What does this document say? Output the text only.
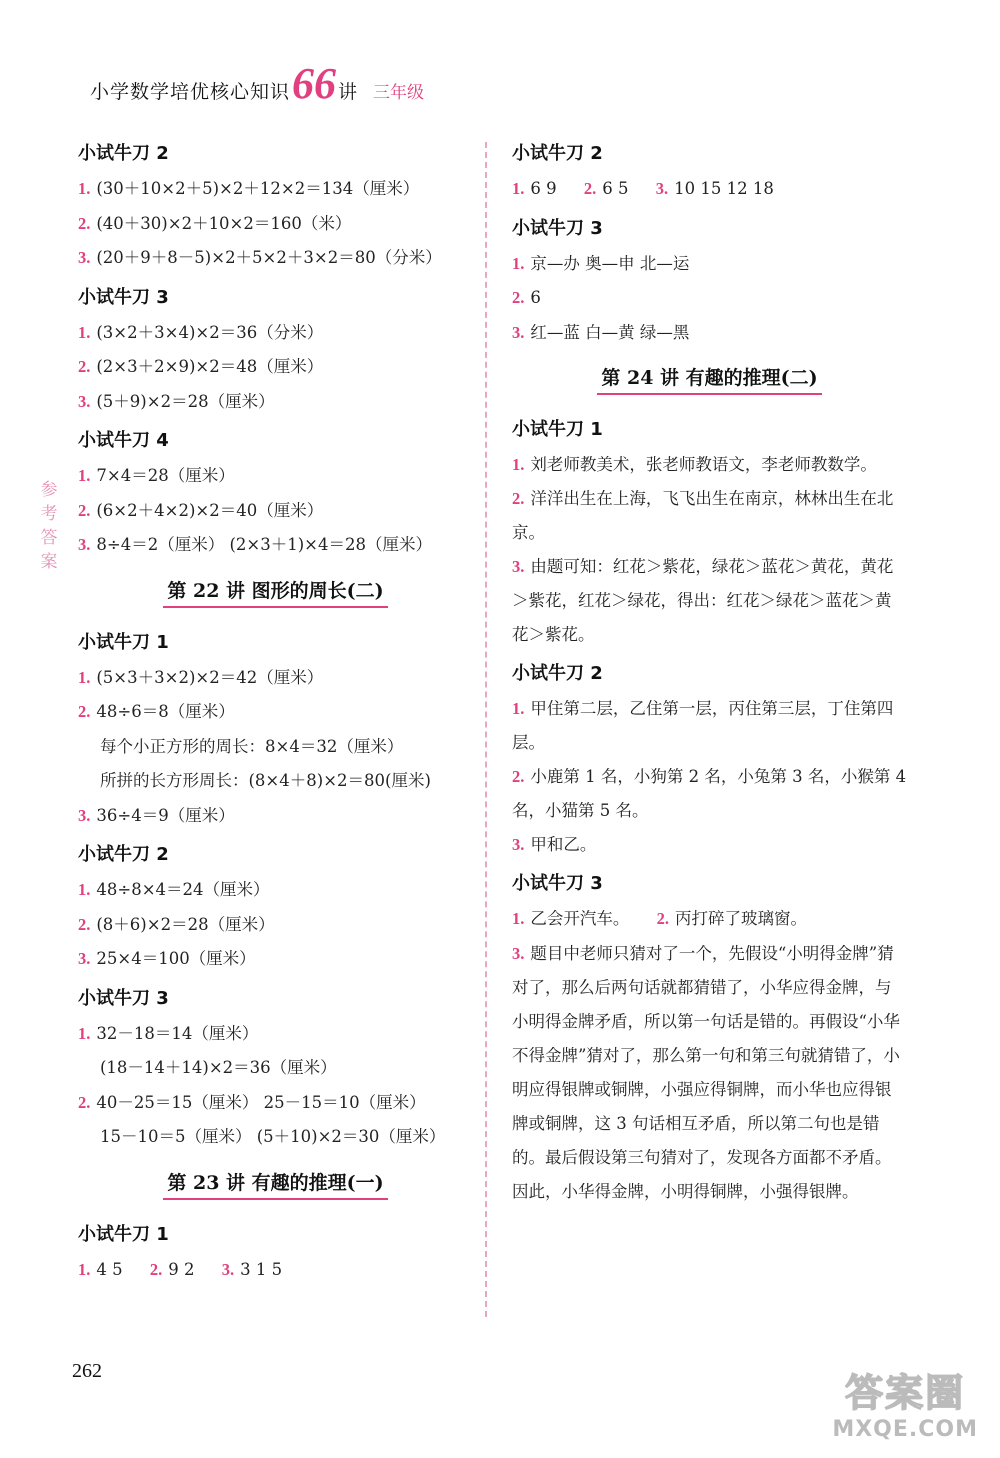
小学数学培优核心知识 66 讲 三年级
参
考
答
案
小试牛刀 2
1. (30＋10×2＋5)×2＋12×2＝134（厘米）
2. (40＋30)×2＋10×2＝160（米）
3. (20＋9＋8－5)×2＋5×2＋3×2＝80（分米）
小试牛刀 3
1. (3×2＋3×4)×2＝36（分米）
2. (2×3＋2×9)×2＝48（厘米）
3. (5＋9)×2＝28（厘米）
小试牛刀 4
1. 7×4＝28（厘米）
2. (6×2＋4×2)×2＝40（厘米）
3. 8÷4＝2（厘米） (2×3＋1)×4＝28（厘米）
第 22 讲 图形的周长(二)
小试牛刀 1
1. (5×3＋3×2)×2＝42（厘米）
2. 48÷6＝8（厘米）
每个小正方形的周长：8×4＝32（厘米）
所拼的长方形周长：(8×4＋8)×2＝80(厘米)
3. 36÷4＝9（厘米）
小试牛刀 2
1. 48÷8×4＝24（厘米）
2. (8＋6)×2＝28（厘米）
3. 25×4＝100（厘米）
小试牛刀 3
1. 32－18＝14（厘米）
(18－14＋14)×2＝36（厘米）
2. 40－25＝15（厘米） 25－15＝10（厘米）
15－10＝5（厘米） (5＋10)×2＝30（厘米）
第 23 讲 有趣的推理(一)
小试牛刀 1
1. 4 5 2. 9 2 3. 3 1 5
小试牛刀 2
1. 6 9 2. 6 5 3. 10 15 12 18
小试牛刀 3
1. 京—办 奥—申 北—运
2. 6
3. 红—蓝 白—黄 绿—黑
第 24 讲 有趣的推理(二)
小试牛刀 1
1. 刘老师教美术，张老师教语文，李老师教数学。
2. 洋洋出生在上海，飞飞出生在南京，林林出生在北京。
3. 由题可知：红花＞紫花，绿花＞蓝花＞黄花，黄花＞紫花，红花＞绿花，得出：红花＞绿花＞蓝花＞黄花＞紫花。
小试牛刀 2
1. 甲住第二层，乙住第一层，丙住第三层，丁住第四层。
2. 小鹿第 1 名，小狗第 2 名，小兔第 3 名，小猴第 4 名，小猫第 5 名。
3. 甲和乙。
小试牛刀 3
1. 乙会开汽车。 2. 丙打碎了玻璃窗。
3. 题目中老师只猜对了一个，先假设“小明得金牌”猜对了，那么后两句话就都猜错了，小华应得金牌，与小明得金牌矛盾，所以第一句话是错的。再假设“小华不得金牌”猜对了，那么第一句和第三句就猜错了，小明应得银牌或铜牌，小强应得铜牌，而小华也应得银牌或铜牌，这 3 句话相互矛盾，所以第二句也是错的。最后假设第三句猜对了，发现各方面都不矛盾。因此，小华得金牌，小明得铜牌，小强得银牌。
262	答案圈
MXQE.COM
